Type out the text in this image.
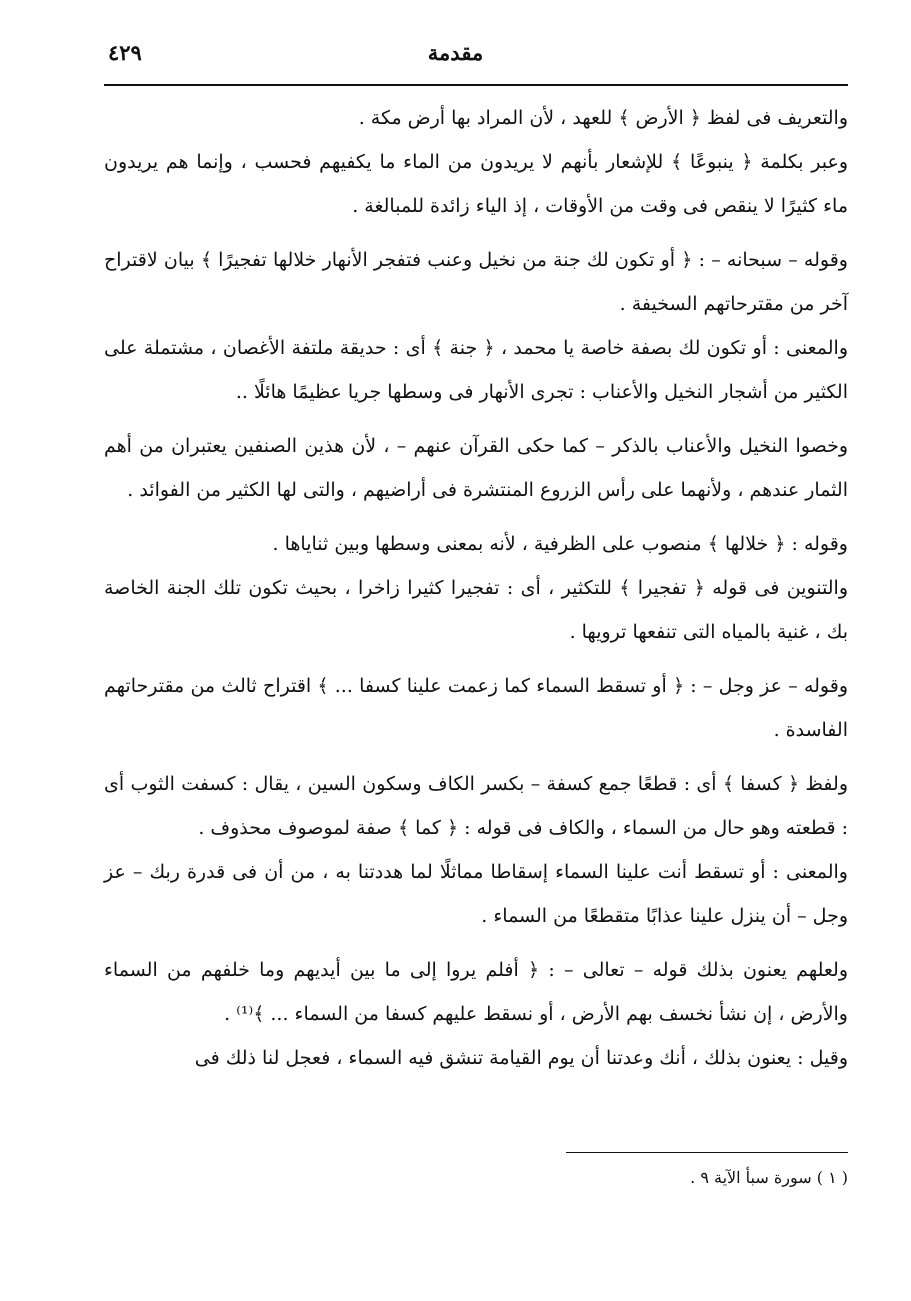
٤٢٩	مقدمة

والتعريف فى لفظ ﴿ الأرض ﴾ للعهد ، لأن المراد بها أرض مكة .

وعبر بكلمة ﴿ ينبوعًا ﴾ للإشعار بأنهم لا يريدون من الماء ما يكفيهم فحسب ، وإنما هم يريدون ماء كثيرًا لا ينقص فى وقت من الأوقات ، إذ الياء زائدة للمبالغة .

وقوله – سبحانه – : ﴿ أو تكون لك جنة من نخيل وعنب فتفجر الأنهار خلالها تفجيرًا ﴾ بيان لاقتراح آخر من مقترحاتهم السخيفة .

والمعنى : أو تكون لك بصفة خاصة يا محمد ، ﴿ جنة ﴾ أى : حديقة ملتفة الأغصان ، مشتملة على الكثير من أشجار النخيل والأعناب : تجرى الأنهار فى وسطها جريا عظيمًا هائلًا ..

وخصوا النخيل والأعناب بالذكر – كما حكى القرآن عنهم – ، لأن هذين الصنفين يعتبران من أهم الثمار عندهم ، ولأنهما على رأس الزروع المنتشرة فى أراضيهم ، والتى لها الكثير من الفوائد .

وقوله : ﴿ خلالها ﴾ منصوب على الظرفية ، لأنه بمعنى وسطها وبين ثناياها .

والتنوين فى قوله ﴿ تفجيرا ﴾ للتكثير ، أى : تفجيرا كثيرا زاخرا ، بحيث تكون تلك الجنة الخاصة بك ، غنية بالمياه التى تنفعها ترويها .

وقوله – عز وجل – : ﴿ أو تسقط السماء كما زعمت علينا كسفا ... ﴾ اقتراح ثالث من مقترحاتهم الفاسدة .

ولفظ ﴿ كسفا ﴾ أى : قطعًا جمع كسفة – بكسر الكاف وسكون السين ، يقال : كسفت الثوب أى : قطعته وهو حال من السماء ، والكاف فى قوله : ﴿ كما ﴾ صفة لموصوف محذوف .

والمعنى : أو تسقط أنت علينا السماء إسقاطا مماثلًا لما هددتنا به ، من أن فى قدرة ربك – عز وجل – أن ينزل علينا عذابًا متقطعًا من السماء .

ولعلهم يعنون بذلك قوله – تعالى – : ﴿ أفلم يروا إلى ما بين أيديهم وما خلفهم من السماء والأرض ، إن نشأ نخسف بهم الأرض ، أو نسقط عليهم كسفا من السماء ... ﴾⁽¹⁾ .

وقيل : يعنون بذلك ، أنك وعدتنا أن يوم القيامة تنشق فيه السماء ، فعجل لنا ذلك فى

( ١ ) سورة سبأ الآية ٩ .
